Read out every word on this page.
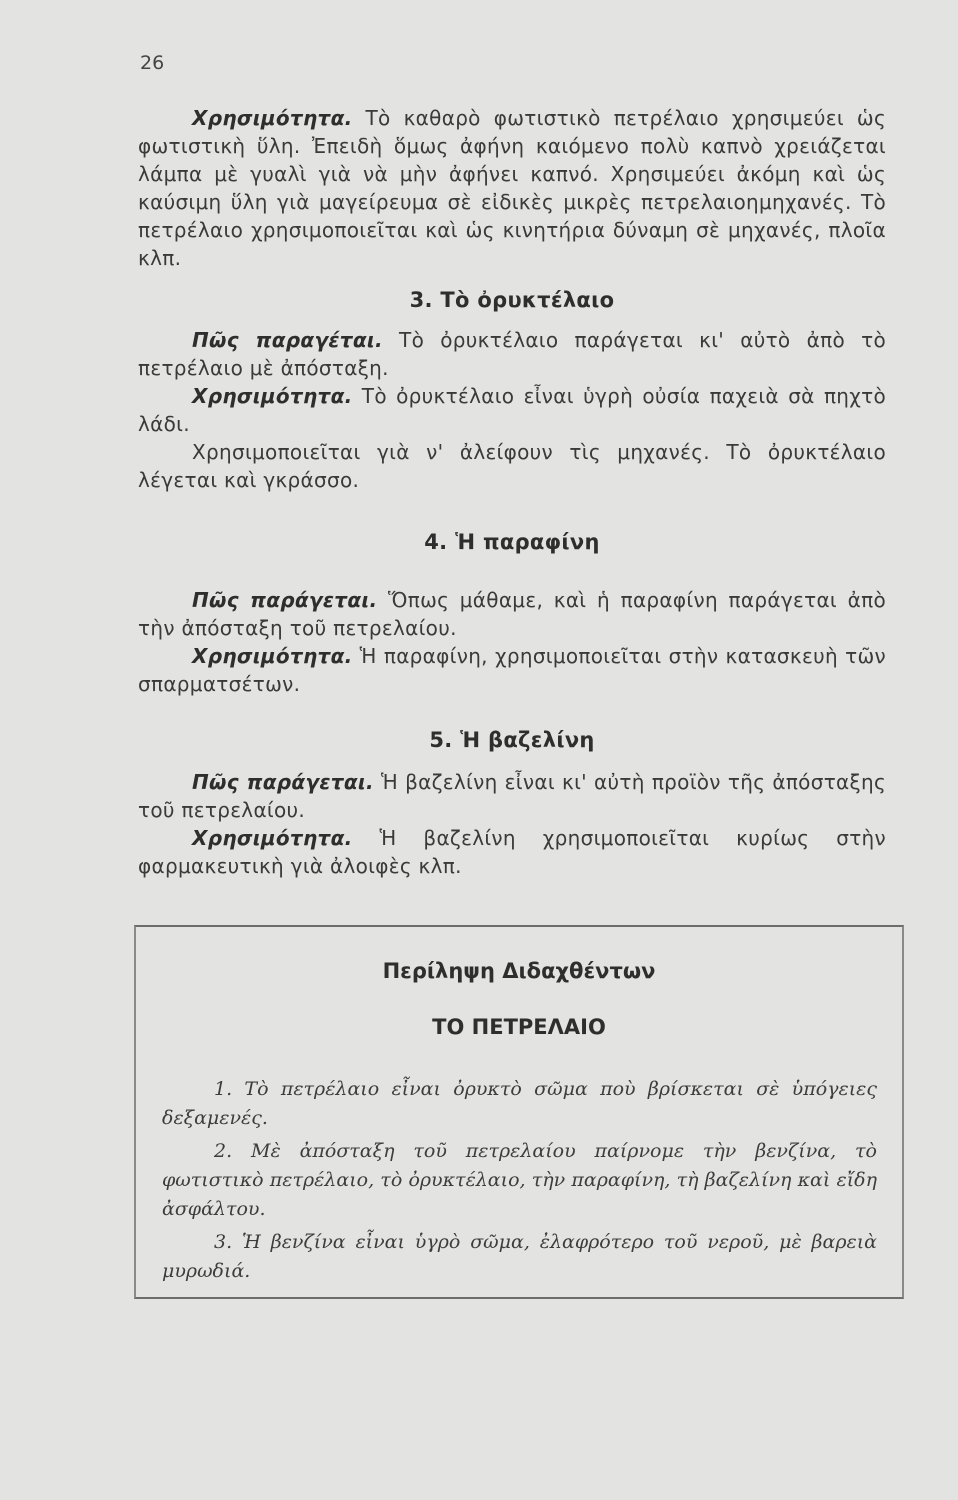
26

Χρησιμότητα. Τὸ καθαρὸ φωτιστικὸ πετρέλαιο χρησιμεύει ὡς φωτιστικὴ ὕλη. Ἐπειδὴ ὅμως ἀφήνη καιόμενο πολὺ καπνὸ χρειάζεται λάμπα μὲ γυαλὶ γιὰ νὰ μὴν ἀφήνει καπνό. Χρησιμεύει ἀκόμη καὶ ὡς καύσιμη ὕλη γιὰ μαγείρευμα σὲ εἰδικὲς μικρὲς πετρελαιοημηχανές. Τὸ πετρέλαιο χρησιμοποιεῖται καὶ ὡς κινητήρια δύναμη σὲ μηχανές, πλοῖα κλπ.

3. Τὸ ὀρυκτέλαιο

Πῶς παραγέται. Τὸ ὀρυκτέλαιο παράγεται κι' αὐτὸ ἀπὸ τὸ πετρέλαιο μὲ ἀπόσταξη.

Χρησιμότητα. Τὸ ὀρυκτέλαιο εἶναι ὑγρὴ οὐσία παχειὰ σὰ πηχτὸ λάδι.

Χρησιμοποιεῖται γιὰ ν' ἀλείφουν τὶς μηχανές. Τὸ ὀρυκτέλαιο λέγεται καὶ γκράσσο.

4. Ἡ παραφίνη

Πῶς παράγεται. Ὅπως μάθαμε, καὶ ἡ παραφίνη παράγεται ἀπὸ τὴν ἀπόσταξη τοῦ πετρελαίου.

Χρησιμότητα. Ἡ παραφίνη, χρησιμοποιεῖται στὴν κατασκευὴ τῶν σπαρματσέτων.

5. Ἡ βαζελίνη

Πῶς παράγεται. Ἡ βαζελίνη εἶναι κι' αὐτὴ προϊὸν τῆς ἀπόσταξης τοῦ πετρελαίου.

Χρησιμότητα. Ἡ βαζελίνη χρησιμοποιεῖται κυρίως στὴν φαρμακευτικὴ γιὰ ἀλοιφὲς κλπ.

Περίληψη Διδαχθέντων
ΤΟ ΠΕΤΡΕΛΑΙΟ

1. Τὸ πετρέλαιο εἶναι ὀρυκτὸ σῶμα ποὺ βρίσκεται σὲ ὑπόγειες δεξαμενές.

2. Μὲ ἀπόσταξη τοῦ πετρελαίου παίρνομε τὴν βενζίνα, τὸ φωτιστικὸ πετρέλαιο, τὸ ὀρυκτέλαιο, τὴν παραφίνη, τὴ βαζελίνη καὶ εἴδη ἀσφάλτου.

3. Ἡ βενζίνα εἶναι ὑγρὸ σῶμα, ἐλαφρότερο τοῦ νεροῦ, μὲ βαρειὰ μυρωδιά.
